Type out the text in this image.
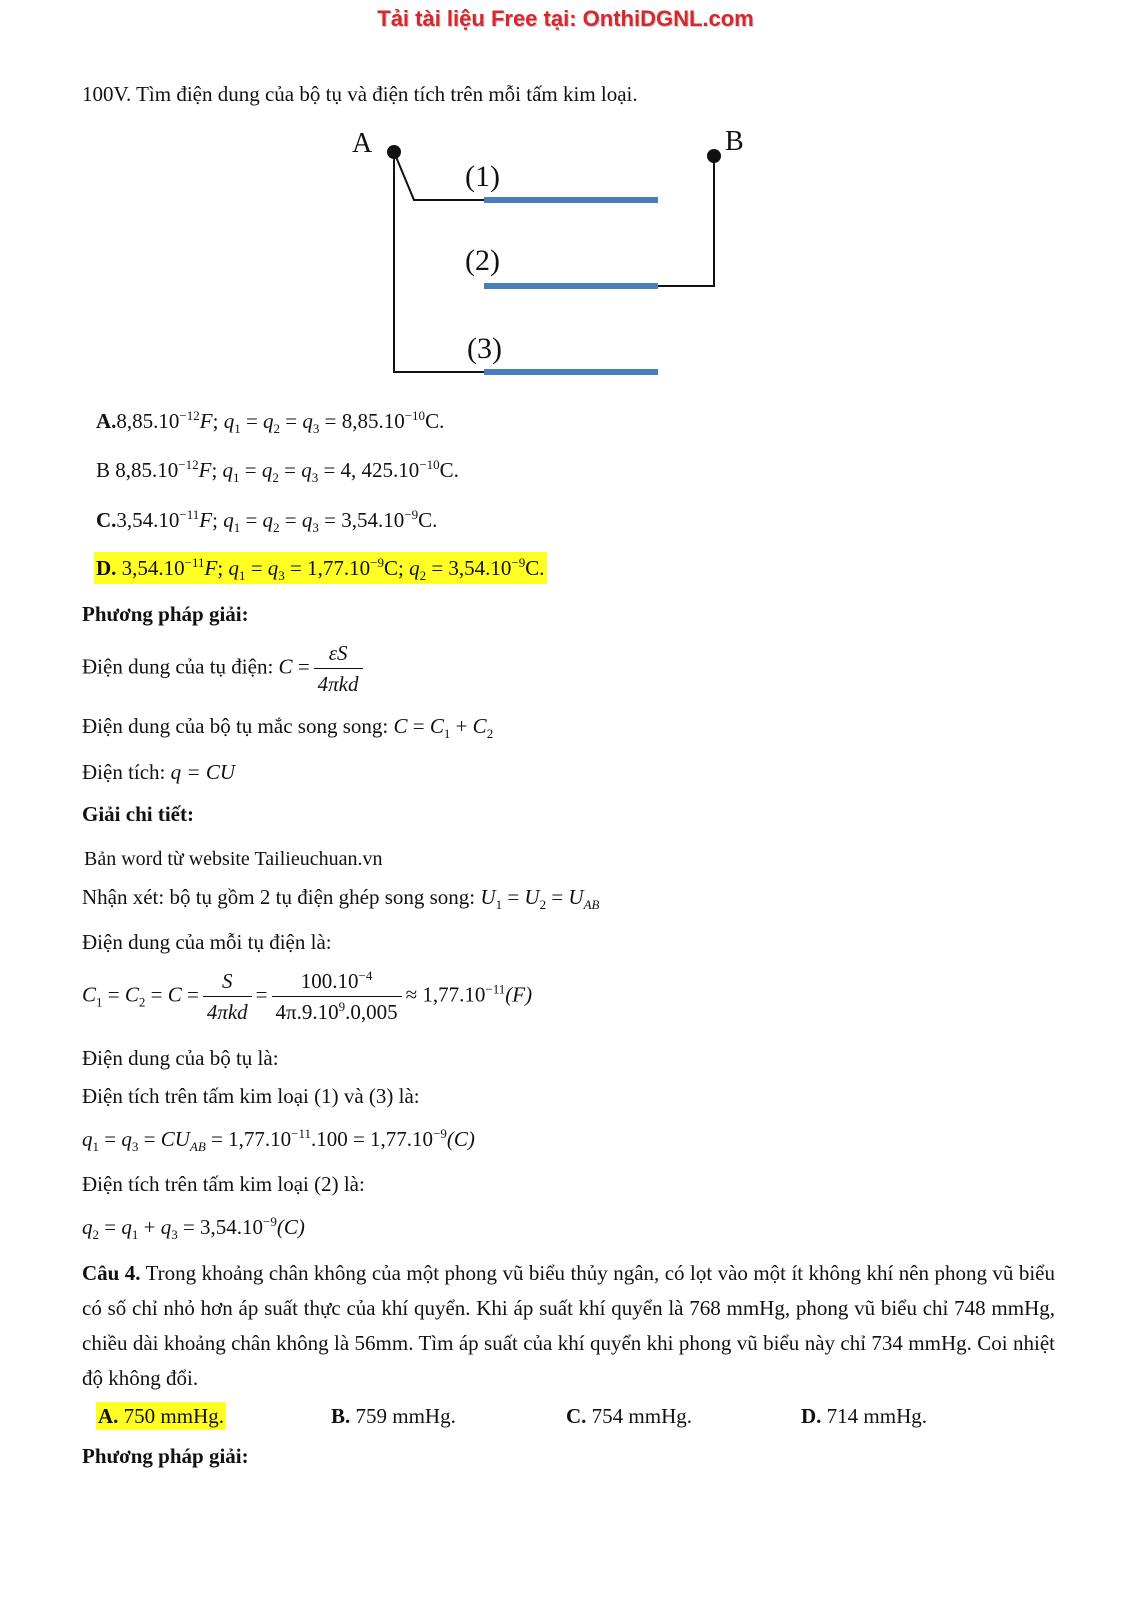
Tải tài liệu Free tại: OnthiDGNL.com
100V. Tìm điện dung của bộ tụ và điện tích trên mỗi tấm kim loại.
A	B
(1)
(2)
(3)
$A.8,85.10^{-12}F$; $q_1 = q_2 = q_3 = 8,85.10^{-10}C$.
B $8,85.10^{-12}F$; $q_1 = q_2 = q_3 = 4$, $425.10^{-10}C$.
$C.3,54.10^{-11}F$; $q_1 = q_2 = q_3 = 3,54.10^{-9}C$.
D. $3,54.10^{-11}F$; $q_1 = q_3 = 1,77.10^{-9}C$; $q_2 = 3,54.10^{-9}C$.
Phương pháp giải:
Điện dung của tụ điện: $C = \frac{\varepsilon S}{\text{4πkd}}$
Điện dung của bộ tụ mắc song song: $C = C_1 + C_2$
Điện tích: q = CU
Giải chi tiết:
Bản word từ website Tailieuchuan.vn
Nhận xét: bộ tụ gồm 2 tụ điện ghép song song: $U_1 = U_2 = U_{AB}$
Điện dung của mỗi tụ điện là:
$C_1 = C_2 = C = \frac{S}{\text{4πkd}} = \frac{100.10^{-4}}{4\pi.9.10^9.0,005} \approx 1,77.10^{-11}(F)$
Điện dung của bộ tụ là:
Điện tích trên tấm kim loại (1) và (3) là:
$q_1 = q_3 = CU_{AB} = 1,77.10^{-11}.100 = 1,77.10^{-9}(C)$
Điện tích trên tấm kim loại (2) là:
$q_2 = q_1 + q_3 = 3,54.10^{-9}(C)$
Câu 4. Trong khoảng chân không của một phong vũ biểu thủy ngân, có lọt vào một ít không khí nên phong vũ biểu có số chỉ nhỏ hơn áp suất thực của khí quyển. Khi áp suất khí quyển là 768 mmHg, phong vũ biểu chỉ 748 mmHg, chiều dài khoảng chân không là 56mm. Tìm áp suất của khí quyển khi phong vũ biểu này chỉ 734 mmHg. Coi nhiệt độ không đổi.
A. 750 mmHg.	B. 759 mmHg.	C. 754 mmHg.	D. 714 mmHg.
Phương pháp giải:
